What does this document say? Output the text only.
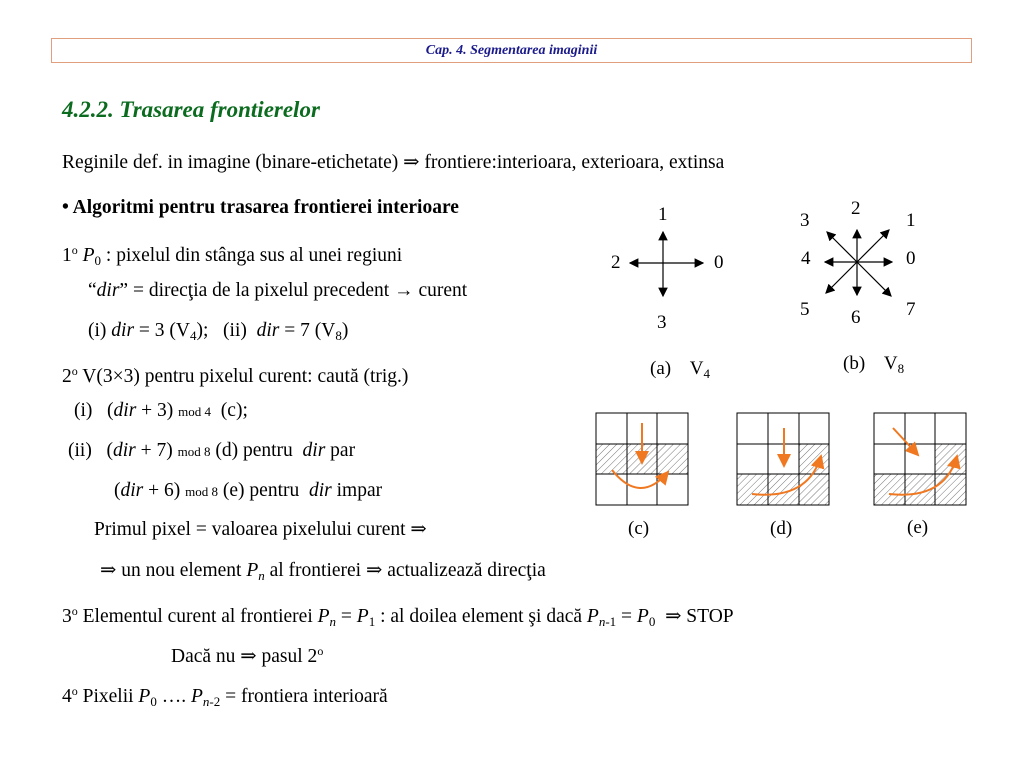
Cap. 4. Segmentarea imaginii
4.2.2. Trasarea frontierelor
Reginile def. in imagine (binare-etichetate) ⇒ frontiere:interioara, exterioara, extinsa
• Algoritmi pentru trasarea frontierei interioare
1$^o$ $P_0$ : pixelul din stânga sus al unei regiuni
“dir” = direcţia de la pixelul precedent → curent
(i) dir = 3 $(V_4)$; (ii) dir = 7 $(V_8)$
2$^o$ V(3×3) pentru pixelul curent: caută (trig.)
(i) (dir + 3) mod 4 (c);
(ii) (dir + 7) mod 8 (d) pentru dir par
(dir + 6) mod 8 (e) pentru dir impar
Primul pixel = valoarea pixelului curent ⇒
⇒ un nou element $P_n$ al frontierei ⇒ actualizează direcţia
3$^o$ Elementul curent al frontierei $P_n = P_1$ : al doilea element şi dacă $P_{n-1} = P_0$ ⇒ STOP
Dacă nu ⇒ pasul 2$^o$
4$^o$ Pixelii $P_0$ …. $P_{n-2}$ = frontiera interioară
1
2	0
3
(a) $V_4$
2
3	1
4	0
5 6 7
(b) $V_8$
(c)	(d)	(e)
